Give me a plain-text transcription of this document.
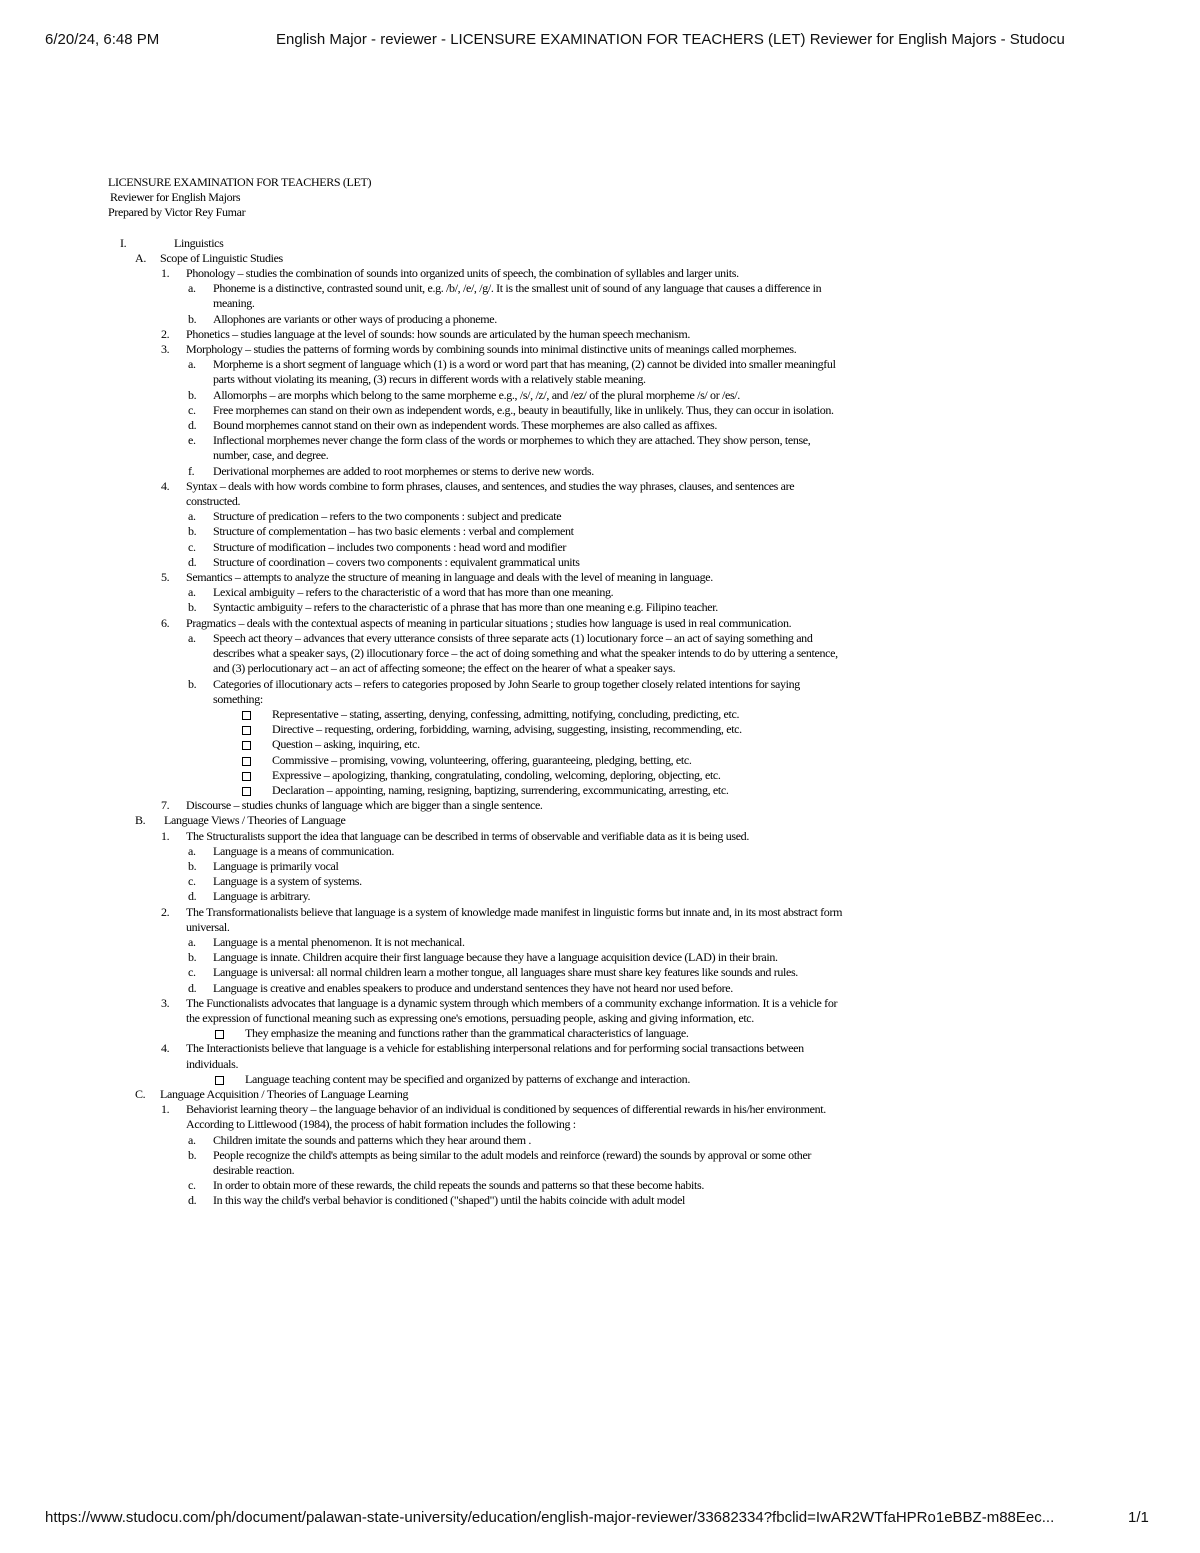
6/20/24, 6:48 PM	English Major - reviewer - LICENSURE EXAMINATION FOR TEACHERS (LET) Reviewer for English Majors - Studocu
LICENSURE EXAMINATION FOR TEACHERS (LET)
Reviewer for English Majors
Prepared by Victor Rey Fumar
I.	Linguistics
A. Scope of Linguistic Studies
1. Phonology – studies the combination of sounds into organized units of speech, the combination of syllables and larger units.
a. Phoneme is a distinctive, contrasted sound unit, e.g. /b/, /e/, /g/. It is the smallest unit of sound of any language that causes a difference in meaning.
b. Allophones are variants or other ways of producing a phoneme.
2. Phonetics – studies language at the level of sounds: how sounds are articulated by the human speech mechanism.
3. Morphology – studies the patterns of forming words by combining sounds into minimal distinctive units of meanings called morphemes.
a. Morpheme is a short segment of language which (1) is a word or word part that has meaning, (2) cannot be divided into smaller meaningful parts without violating its meaning, (3) recurs in different words with a relatively stable meaning.
b. Allomorphs – are morphs which belong to the same morpheme e.g., /s/, /z/, and /ez/ of the plural morpheme /s/ or /es/.
c. Free morphemes can stand on their own as independent words, e.g., beauty in beautifully, like in unlikely. Thus, they can occur in isolation.
d. Bound morphemes cannot stand on their own as independent words. These morphemes are also called as affixes.
e. Inflectional morphemes never change the form class of the words or morphemes to which they are attached. They show person, tense, number, case, and degree.
f. Derivational morphemes are added to root morphemes or stems to derive new words.
4. Syntax – deals with how words combine to form phrases, clauses, and sentences, and studies the way phrases, clauses, and sentences are constructed.
a. Structure of predication – refers to the two components : subject and predicate
b. Structure of complementation – has two basic elements : verbal and complement
c. Structure of modification – includes two components : head word and modifier
d. Structure of coordination – covers two components : equivalent grammatical units
5. Semantics – attempts to analyze the structure of meaning in language and deals with the level of meaning in language.
a. Lexical ambiguity – refers to the characteristic of a word that has more than one meaning.
b. Syntactic ambiguity – refers to the characteristic of a phrase that has more than one meaning e.g. Filipino teacher.
6. Pragmatics – deals with the contextual aspects of meaning in particular situations ; studies how language is used in real communication.
a. Speech act theory – advances that every utterance consists of three separate acts (1) locutionary force – an act of saying something and describes what a speaker says, (2) illocutionary force – the act of doing something and what the speaker intends to do by uttering a sentence, and (3) perlocutionary act – an act of affecting someone; the effect on the hearer of what a speaker says.
b. Categories of illocutionary acts – refers to categories proposed by John Searle to group together closely related intentions for saying something:
Representative – stating, asserting, denying, confessing, admitting, notifying, concluding, predicting, etc.
Directive – requesting, ordering, forbidding, warning, advising, suggesting, insisting, recommending, etc.
Question – asking, inquiring, etc.
Commissive – promising, vowing, volunteering, offering, guaranteeing, pledging, betting, etc.
Expressive – apologizing, thanking, congratulating, condoling, welcoming, deploring, objecting, etc.
Declaration – appointing, naming, resigning, baptizing, surrendering, excommunicating, arresting, etc.
7. Discourse – studies chunks of language which are bigger than a single sentence.
B. Language Views / Theories of Language
1. The Structuralists support the idea that language can be described in terms of observable and verifiable data as it is being used.
a. Language is a means of communication.
b. Language is primarily vocal
c. Language is a system of systems.
d. Language is arbitrary.
2. The Transformationalists believe that language is a system of knowledge made manifest in linguistic forms but innate and, in its most abstract form universal.
a. Language is a mental phenomenon. It is not mechanical.
b. Language is innate. Children acquire their first language because they have a language acquisition device (LAD) in their brain.
c. Language is universal: all normal children learn a mother tongue, all languages share must share key features like sounds and rules.
d. Language is creative and enables speakers to produce and understand sentences they have not heard nor used before.
3. The Functionalists advocates that language is a dynamic system through which members of a community exchange information. It is a vehicle for the expression of functional meaning such as expressing one's emotions, persuading people, asking and giving information, etc.
They emphasize the meaning and functions rather than the grammatical characteristics of language.
4. The Interactionists believe that language is a vehicle for establishing interpersonal relations and for performing social transactions between individuals.
Language teaching content may be specified and organized by patterns of exchange and interaction.
C. Language Acquisition / Theories of Language Learning
1. Behaviorist learning theory – the language behavior of an individual is conditioned by sequences of differential rewards in his/her environment.
According to Littlewood (1984), the process of habit formation includes the following :
a. Children imitate the sounds and patterns which they hear around them .
b. People recognize the child's attempts as being similar to the adult models and reinforce (reward) the sounds by approval or some other desirable reaction.
c. In order to obtain more of these rewards, the child repeats the sounds and patterns so that these become habits.
d. In this way the child's verbal behavior is conditioned ("shaped") until the habits coincide with adult model
https://www.studocu.com/ph/document/palawan-state-university/education/english-major-reviewer/33682334?fbclid=IwAR2WTfaHPRo1eBBZ-m88Eec...	1/1
